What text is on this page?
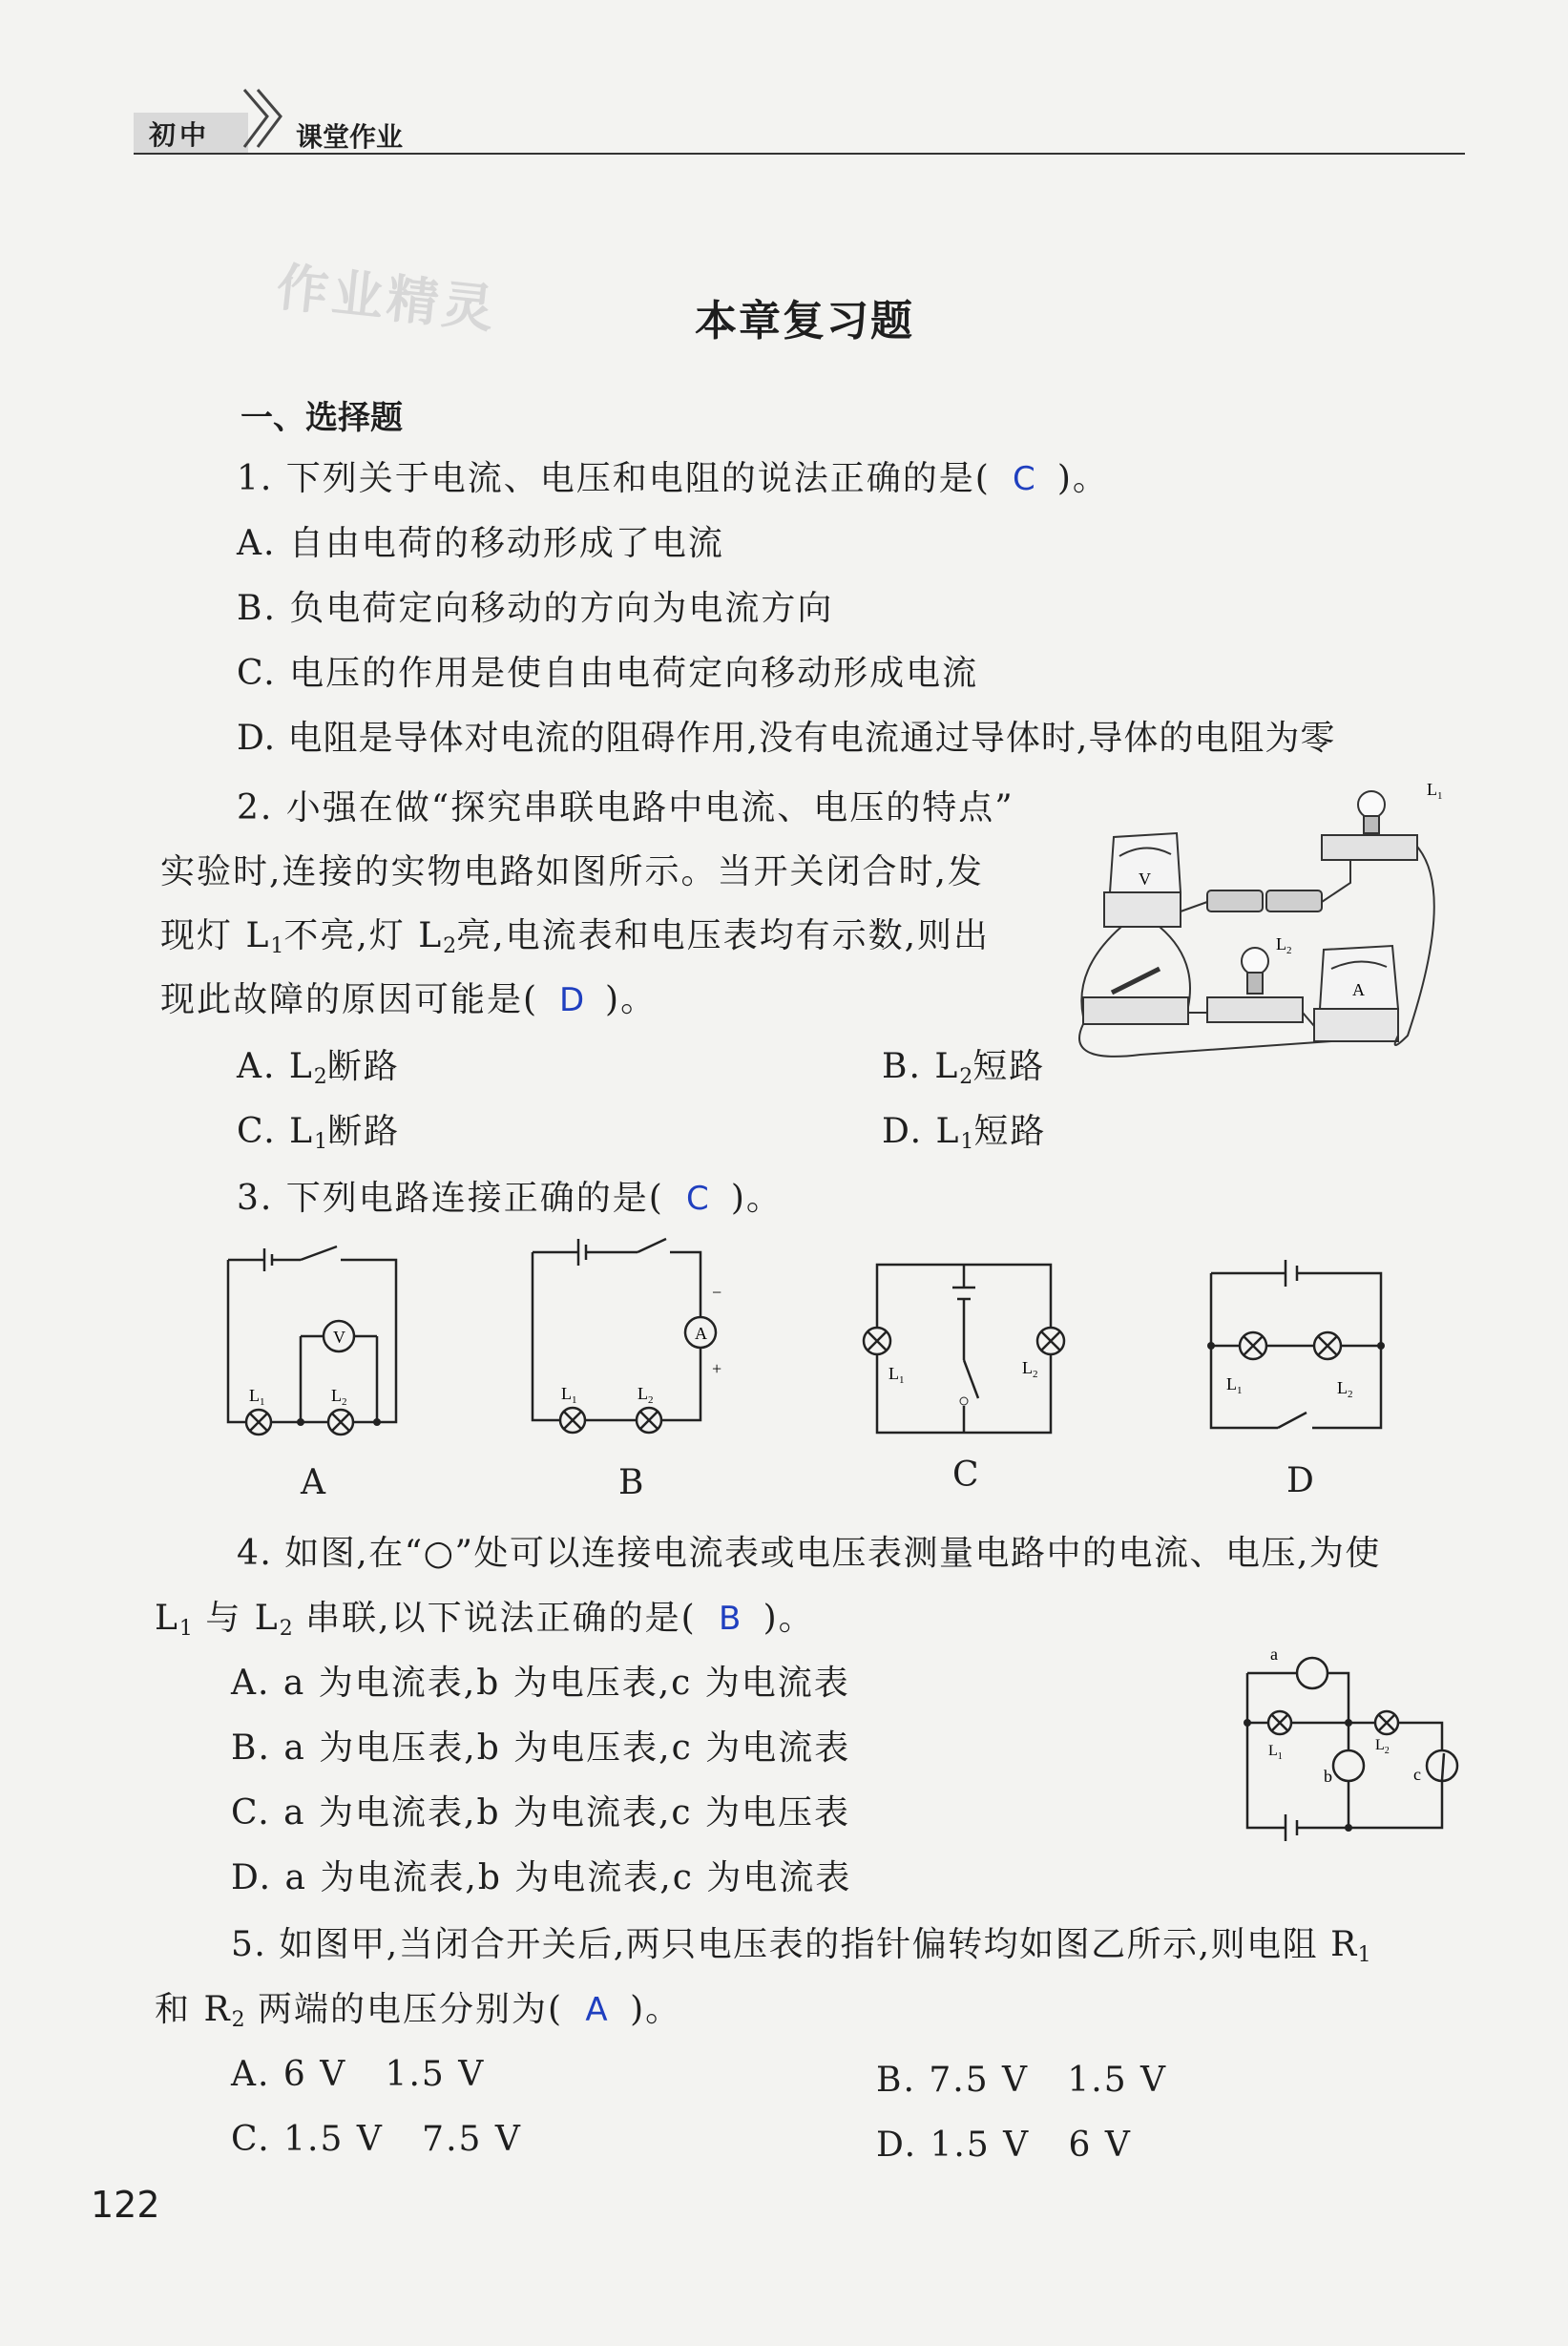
初中	课堂作业
作业精灵	本章复习题
一、选择题
1. 下列关于电流、电压和电阻的说法正确的是( C )。
A. 自由电荷的移动形成了电流
B. 负电荷定向移动的方向为电流方向
C. 电压的作用是使自由电荷定向移动形成电流
D. 电阻是导体对电流的阻碍作用,没有电流通过导体时,导体的电阻为零
2. 小强在做“探究串联电路中电流、电压的特点”
实验时,连接的实物电路如图所示。当开关闭合时,发
现灯 $L_1$不亮,灯 $L_2$亮,电流表和电压表均有示数,则出
现此故障的原因可能是( D )。
A. $L_2$断路	B. $L_2$短路
C. $L_1$断路	D. $L_1$短路
V
A
$L_1$
$L_2$
3. 下列电路连接正确的是( C )。
V
$L_1$	$L_2$
A
A
−
+
$L_1$	$L_2$
B
$L_1$
$L_2$
C
$L_1$	$L_2$
D
4. 如图,在“○”处可以连接电流表或电压表测量电路中的电流、电压,为使
$L_1$ 与 $L_2$ 串联,以下说法正确的是( B )。
A. a 为电流表,b 为电压表,c 为电流表
B. a 为电压表,b 为电压表,c 为电流表
C. a 为电流表,b 为电流表,c 为电压表
D. a 为电流表,b 为电流表,c 为电流表
a
b	c
$L_1$
$L_2$
5. 如图甲,当闭合开关后,两只电压表的指针偏转均如图乙所示,则电阻 $R_1$
和 $R_2$ 两端的电压分别为( A )。
A. 6 V   1.5 V	B. 7.5 V   1.5 V
C. 1.5 V   7.5 V	D. 1.5 V   6 V
122
